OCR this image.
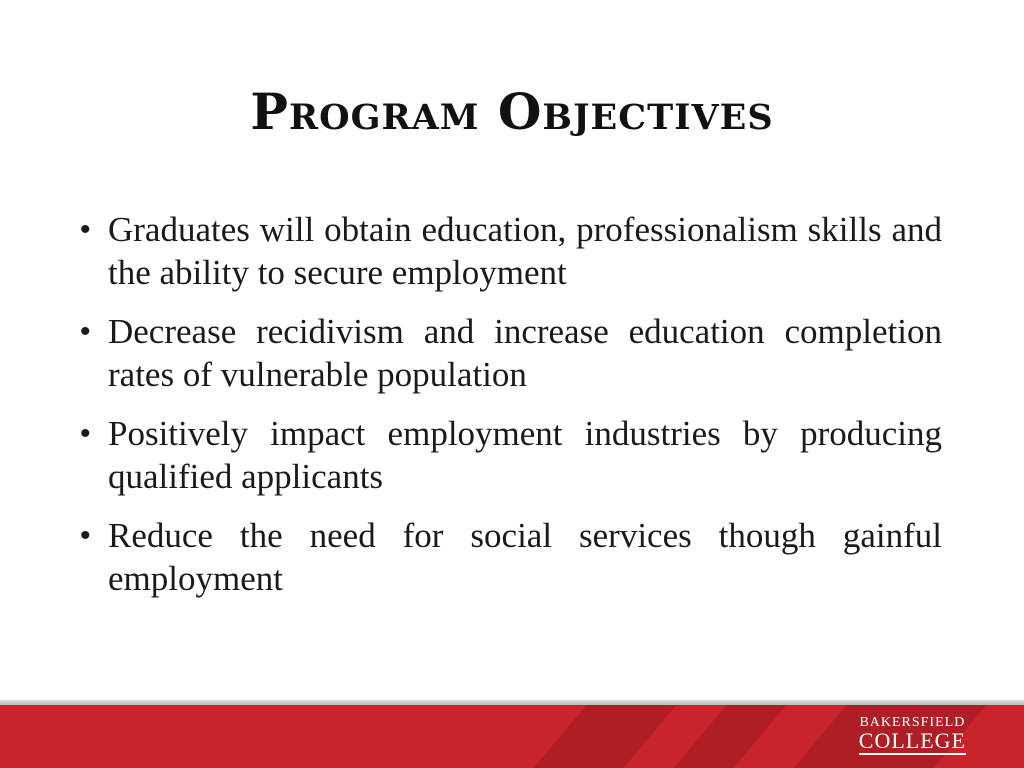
Program Objectives
• Graduates will obtain education, professionalism skills and the ability to secure employment
• Decrease recidivism and increase education completion rates of vulnerable population
• Positively impact employment industries by producing qualified applicants
• Reduce the need for social services though gainful employment
BAKERSFIELD
COLLEGE
